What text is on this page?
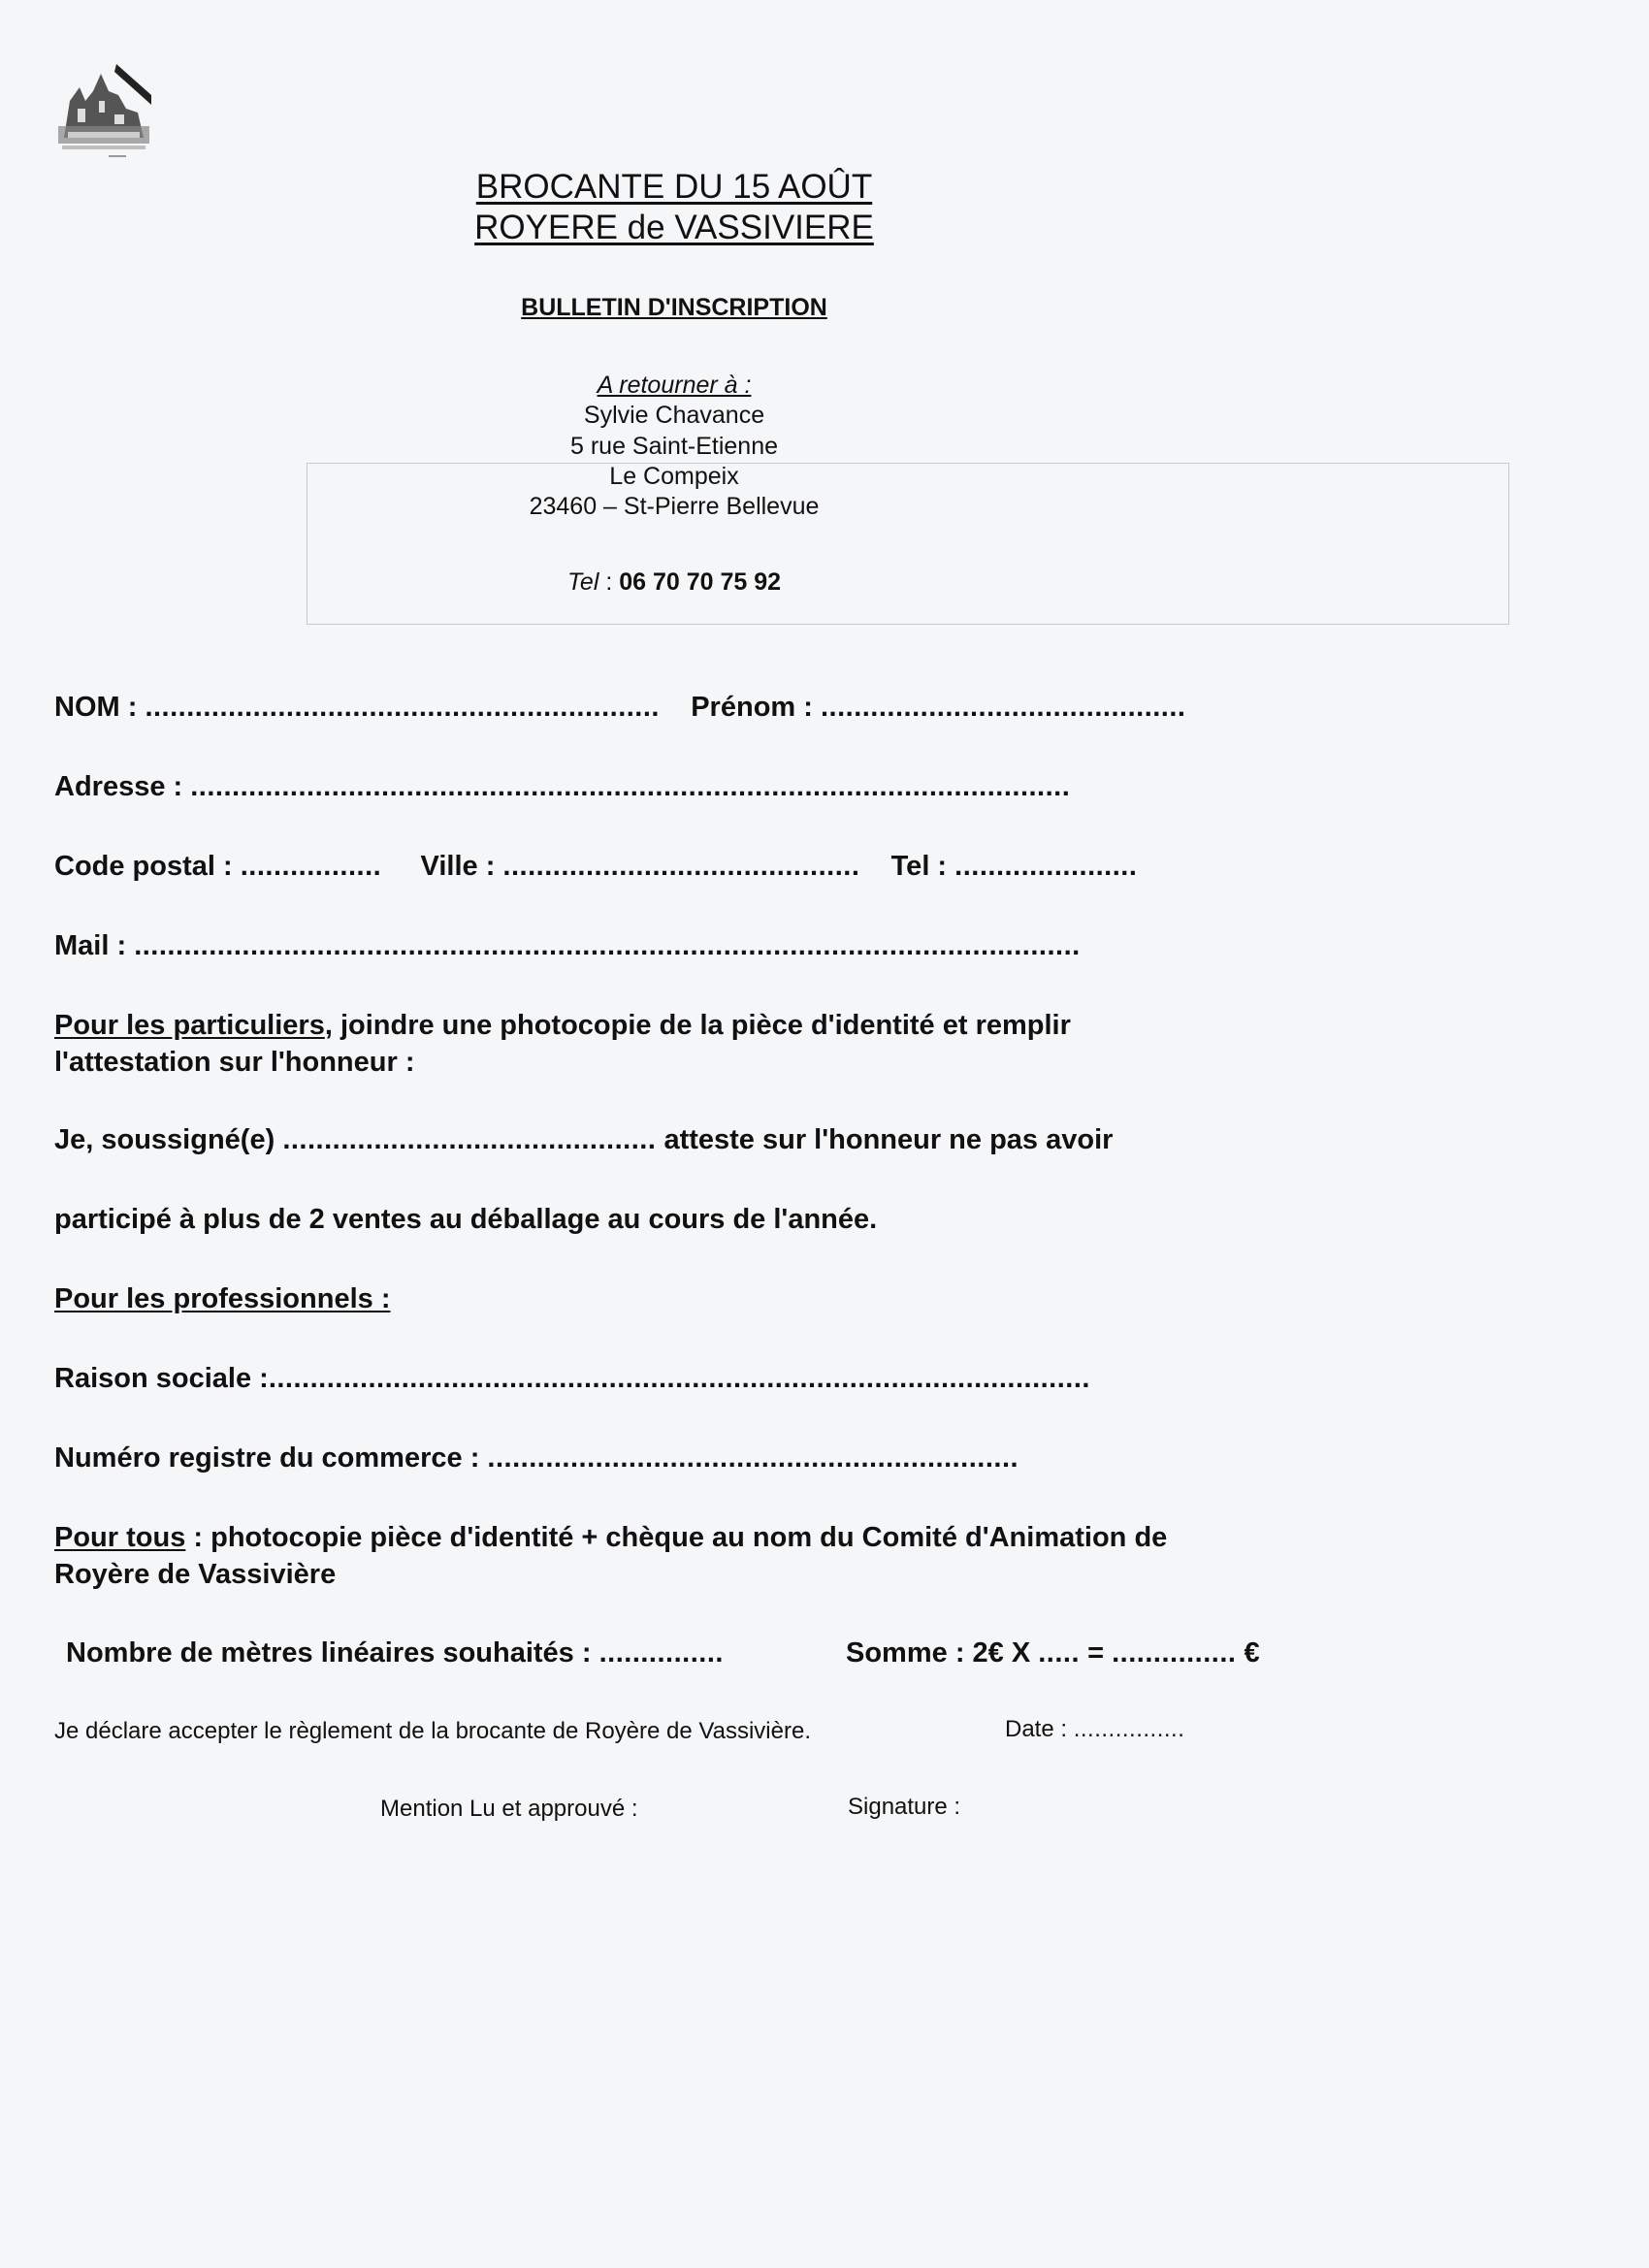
BROCANTE DU 15 AOÛT
ROYERE de VASSIVIERE
BULLETIN D'INSCRIPTION
A retourner à :
Sylvie Chavance
5 rue Saint-Etienne
Le Compeix
23460 – St-Pierre Bellevue
Tel : 06 70 70 75 92
NOM : .............................................................. Prénom : ............................................
Adresse : ..........................................................................................................
Code postal : ................. Ville : ........................................... Tel : ......................
Mail : ..................................................................................................................
Pour les particuliers, joindre une photocopie de la pièce d'identité et remplir
l'attestation sur l'honneur :
Je, soussigné(e) ............................................. atteste sur l'honneur ne pas avoir
participé à plus de 2 ventes au déballage au cours de l'année.
Pour les professionnels :
Raison sociale :...................................................................................................
Numéro registre du commerce : ................................................................
Pour tous : photocopie pièce d'identité + chèque au nom du Comité d'Animation de
Royère de Vassivière
Nombre de mètres linéaires souhaités : ...............	Somme : 2€ X ..... = ............... €
Je déclare accepter le règlement de la brocante de Royère de Vassivière.	Date : ................
Mention Lu et approuvé :	Signature :
